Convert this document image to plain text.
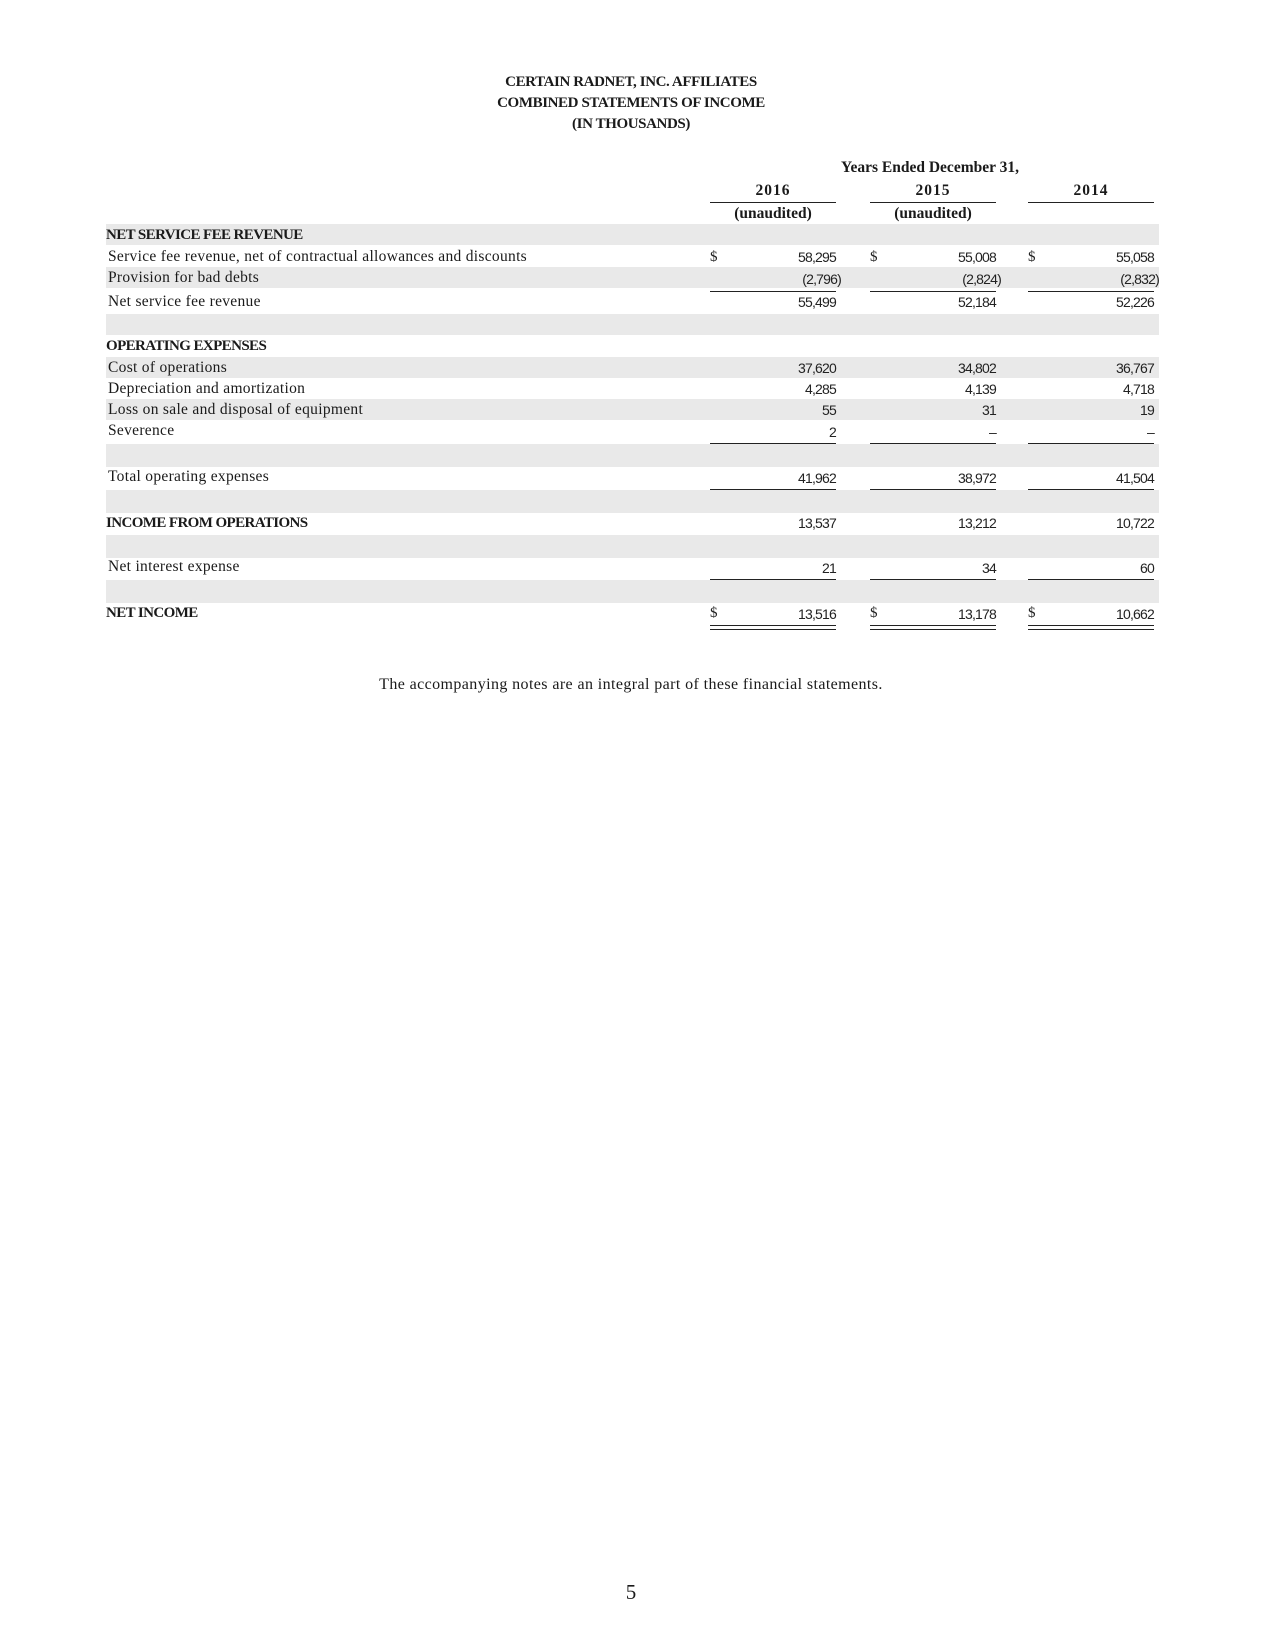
CERTAIN RADNET, INC. AFFILIATES
COMBINED STATEMENTS OF INCOME
(IN THOUSANDS)
Years Ended December 31,
2016	2015	2014
(unaudited)	(unaudited)
NET SERVICE FEE REVENUE
Service fee revenue, net of contractual allowances and discounts	$	58,295 $	55,008 $	55,058
Provision for bad debts	(2,796)	(2,824)	(2,832)
Net service fee revenue	55,499	52,184	52,226
OPERATING EXPENSES
Cost of operations	37,620	34,802	36,767
Depreciation and amortization	4,285	4,139	4,718
Loss on sale and disposal of equipment	55	31	19
Severence	2	–	–
Total operating expenses	41,962	38,972	41,504
INCOME FROM OPERATIONS	13,537	13,212	10,722
Net interest expense	21	34	60
NET INCOME	$	13,516 $	13,178 $	10,662
The accompanying notes are an integral part of these financial statements.
5
